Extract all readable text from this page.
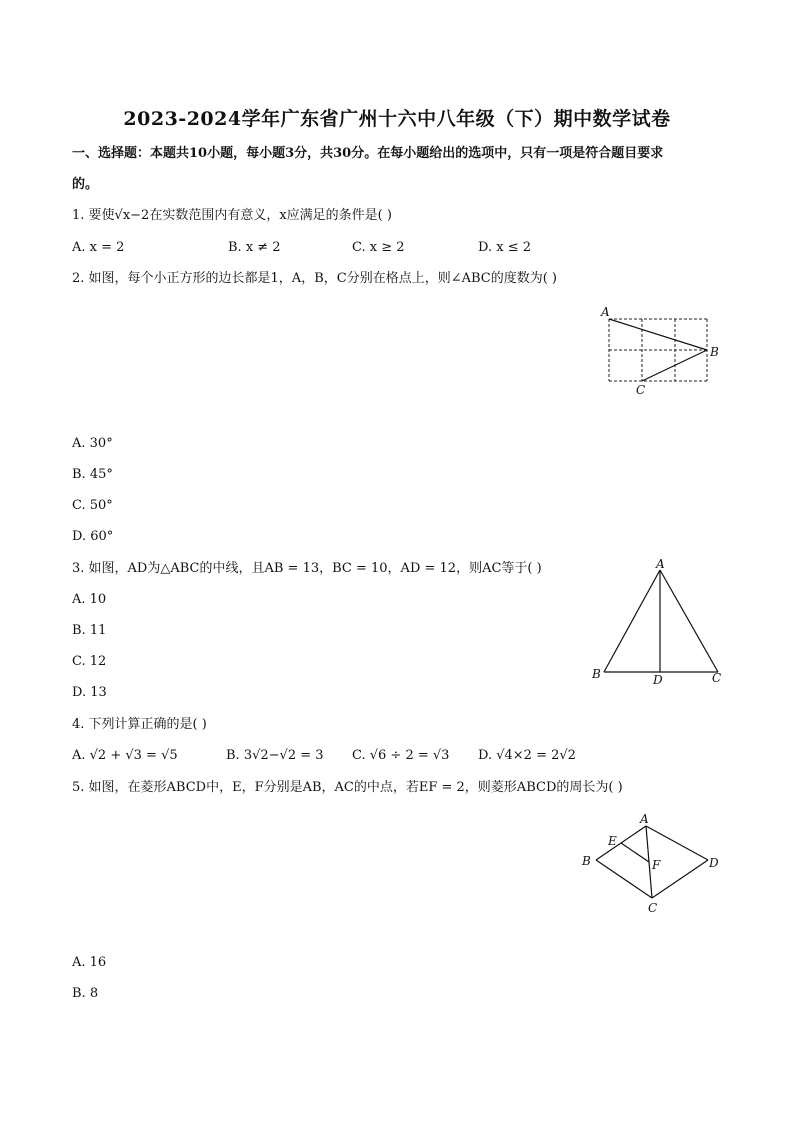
2023-2024学年广东省广州十六中八年级（下）期中数学试卷
一、选择题：本题共10小题，每小题3分，共30分。在每小题给出的选项中，只有一项是符合题目要求
的。
1. 要使√x−2在实数范围内有意义，x应满足的条件是( )
A. x = 2	B. x ≠ 2	C. x ≥ 2	D. x ≤ 2
2. 如图，每个小正方形的边长都是1，A，B，C分别在格点上，则∠ABC的度数为( )
A
B
C
A. 30°
B. 45°
C. 50°
D. 60°
3. 如图，AD为△ABC的中线，且AB = 13，BC = 10，AD = 12，则AC等于( )	A
B	C
D
A. 10
B. 11
C. 12
D. 13
4. 下列计算正确的是( )
A. √2 + √3 = √5	B. 3√2−√2 = 3 C. √6 ÷ 2 = √3 D. √4×2 = 2√2
5. 如图，在菱形ABCD中，E，F分别是AB，AC的中点，若EF = 2，则菱形ABCD的周长为( )
A
B
C
D
E
F
A. 16
B. 8
